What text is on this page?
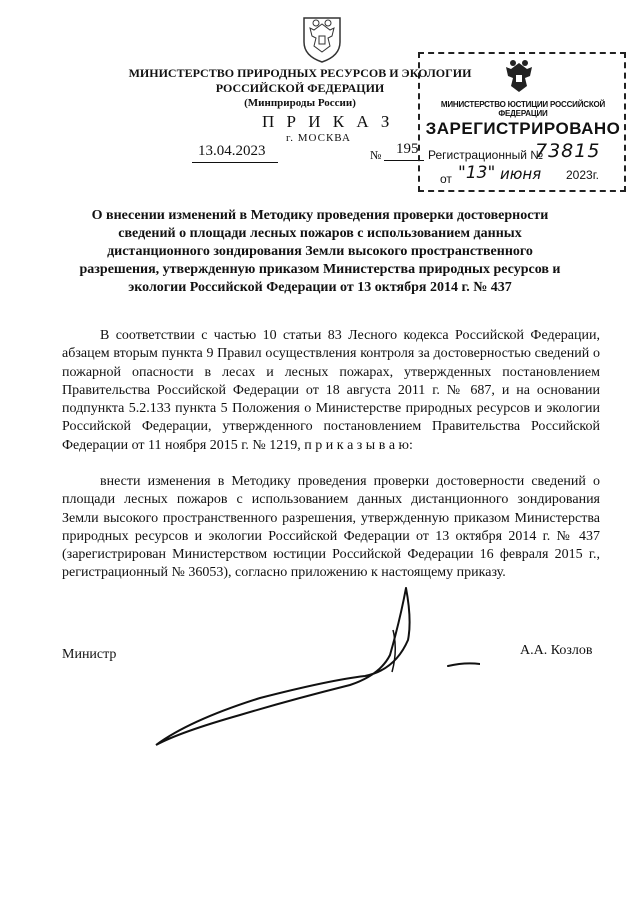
МИНИСТЕРСТВО ПРИРОДНЫХ РЕСУРСОВ И ЭКОЛОГИИ
РОССИЙСКОЙ ФЕДЕРАЦИИ
(Минприроды России)
П Р И К А З
г. МОСКВА
13.04.2023	№ 195
МИНИСТЕРСТВО ЮСТИЦИИ РОССИЙСКОЙ ФЕДЕРАЦИИ
ЗАРЕГИСТРИРОВАНО
Регистрационный №
73815
от "13" июня 2023г.
О внесении изменений в Методику проведения проверки достоверности сведений о площади лесных пожаров с использованием данных дистанционного зондирования Земли высокого пространственного разрешения, утвержденную приказом Министерства природных ресурсов и экологии Российской Федерации от 13 октября 2014 г. № 437
В соответствии с частью 10 статьи 83 Лесного кодекса Российской Федерации, абзацем вторым пункта 9 Правил осуществления контроля за достоверностью сведений о пожарной опасности в лесах и лесных пожарах, утвержденных постановлением Правительства Российской Федерации от 18 августа 2011 г. № 687, и на основании подпункта 5.2.133 пункта 5 Положения о Министерстве природных ресурсов и экологии Российской Федерации, утвержденного постановлением Правительства Российской Федерации от 11 ноября 2015 г. № 1219, п р и к а з ы в а ю:
внести изменения в Методику проведения проверки достоверности сведений о площади лесных пожаров с использованием данных дистанционного зондирования Земли высокого пространственного разрешения, утвержденную приказом Министерства природных ресурсов и экологии Российской Федерации от 13 октября 2014 г. № 437 (зарегистрирован Министерством юстиции Российской Федерации 16 февраля 2015 г., регистрационный № 36053), согласно приложению к настоящему приказу.
Министр	А.А. Козлов
